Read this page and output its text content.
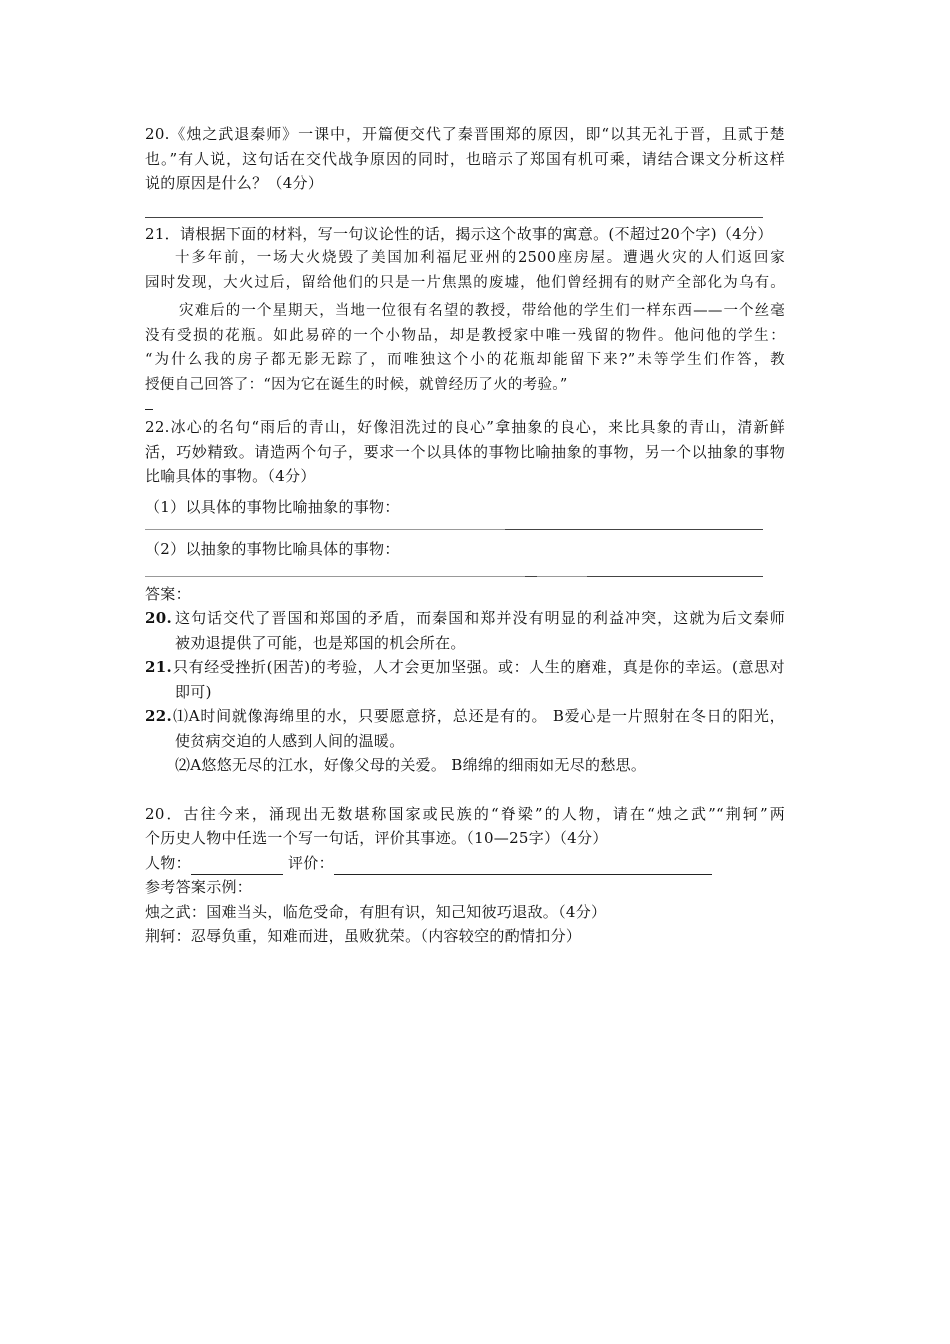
20.《烛之武退秦师》一课中，开篇便交代了秦晋围郑的原因，即“以其无礼于晋，且贰于楚
也。”有人说，这句话在交代战争原因的同时，也暗示了郑国有机可乘，请结合课文分析这样
说的原因是什么？（4分）
21．请根据下面的材料，写一句议论性的话，揭示这个故事的寓意。(不超过20个字)（4分）
十多年前，一场大火烧毁了美国加利福尼亚州的2500座房屋。遭遇火灾的人们返回家
园时发现，大火过后，留给他们的只是一片焦黑的废墟，他们曾经拥有的财产全部化为乌有。
灾难后的一个星期天，当地一位很有名望的教授，带给他的学生们一样东西——一个丝毫
没有受损的花瓶。如此易碎的一个小物品，却是教授家中唯一残留的物件。他问他的学生：
“为什么我的房子都无影无踪了，而唯独这个小的花瓶却能留下来?”未等学生们作答，教
授便自己回答了：“因为它在诞生的时候，就曾经历了火的考验。”
22.冰心的名句“雨后的青山，好像泪洗过的良心”拿抽象的良心，来比具象的青山，清新鲜
活，巧妙精致。请造两个句子，要求一个以具体的事物比喻抽象的事物，另一个以抽象的事物
比喻具体的事物。（4分）
（1）以具体的事物比喻抽象的事物：
（2）以抽象的事物比喻具体的事物：
答案：
20. 这句话交代了晋国和郑国的矛盾，而秦国和郑并没有明显的利益冲突，这就为后文秦师
被劝退提供了可能，也是郑国的机会所在。
21. 只有经受挫折(困苦)的考验，人才会更加坚强。或：人生的磨难，真是你的幸运。(意思对
即可)
22. ⑴A时间就像海绵里的水，只要愿意挤，总还是有的。 B爱心是一片照射在冬日的阳光，
使贫病交迫的人感到人间的温暖。
⑵A悠悠无尽的江水，好像父母的关爱。 B绵绵的细雨如无尽的愁思。
20．古往今来，涌现出无数堪称国家或民族的“脊梁”的人物，请在“烛之武”“荆轲”两
个历史人物中任选一个写一句话，评价其事迹。（10—25字）（4分）
人物：	评价：
参考答案示例：
烛之武：国难当头，临危受命，有胆有识，知己知彼巧退敌。（4分）
荆轲：忍辱负重，知难而进，虽败犹荣。（内容较空的酌情扣分）
